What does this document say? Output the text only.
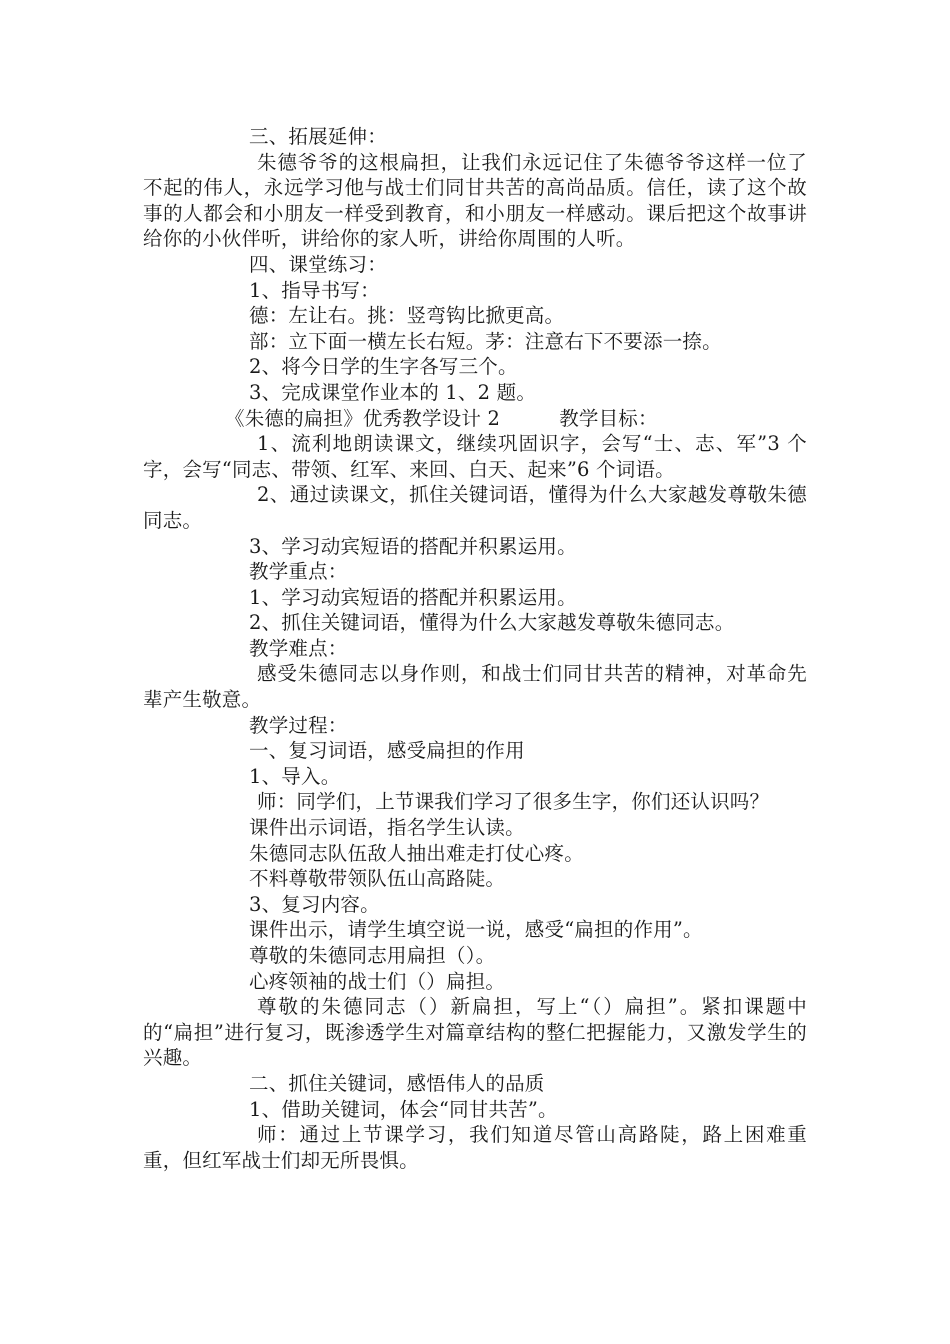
三、拓展延伸：

朱德爷爷的这根扁担，让我们永远记住了朱德爷爷这样一位了不起的伟人，永远学习他与战士们同甘共苦的高尚品质。信任，读了这个故事的人都会和小朋友一样受到教育，和小朋友一样感动。课后把这个故事讲给你的小伙伴听，讲给你的家人听，讲给你周围的人听。

四、课堂练习：

1、指导书写：

德：左让右。挑：竖弯钩比掀更高。

部：立下面一横左长右短。茅：注意右下不要添一捺。

2、将今日学的生字各写三个。

3、完成课堂作业本的 1、2 题。

《朱德的扁担》优秀教学设计 2　　　教学目标：

1、流利地朗读课文，继续巩固识字，会写“士、志、军”3 个字，会写“同志、带领、红军、来回、白天、起来”6 个词语。

2、通过读课文，抓住关键词语，懂得为什么大家越发尊敬朱德同志。

3、学习动宾短语的搭配并积累运用。

教学重点：

1、学习动宾短语的搭配并积累运用。

2、抓住关键词语，懂得为什么大家越发尊敬朱德同志。

教学难点：

感受朱德同志以身作则，和战士们同甘共苦的精神，对革命先辈产生敬意。

教学过程：

一、复习词语，感受扁担的作用

1、导入。

师：同学们，上节课我们学习了很多生字，你们还认识吗？

课件出示词语，指名学生认读。

朱德同志队伍敌人抽出难走打仗心疼。

不料尊敬带领队伍山高路陡。

3、复习内容。

课件出示，请学生填空说一说，感受“扁担的作用”。

尊敬的朱德同志用扁担（）。

心疼领袖的战士们（）扁担。

尊敬的朱德同志（）新扁担，写上“（）扁担”。紧扣课题中的“扁担”进行复习，既渗透学生对篇章结构的整仁把握能力，又激发学生的兴趣。

二、抓住关键词，感悟伟人的品质

1、借助关键词，体会“同甘共苦”。

师：通过上节课学习，我们知道尽管山高路陡，路上困难重重，但红军战士们却无所畏惧。
